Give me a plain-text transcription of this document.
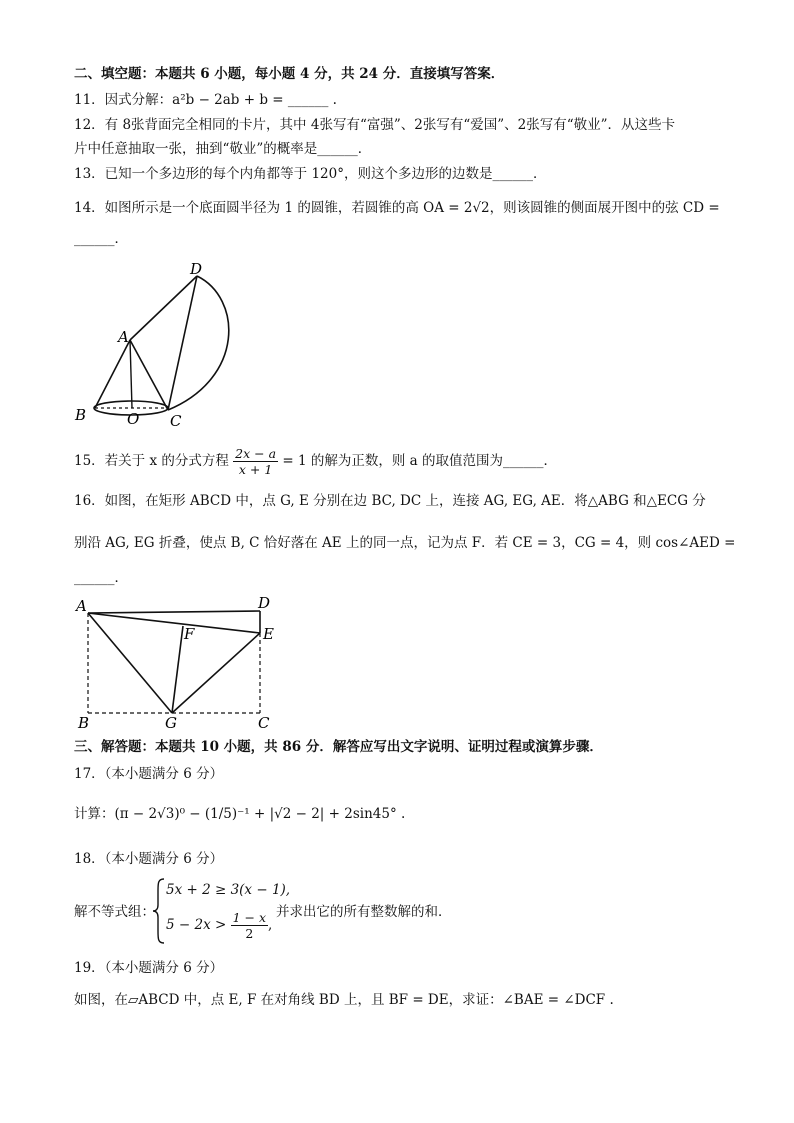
二、填空题：本题共 6 小题，每小题 4 分，共 24 分．直接填写答案．
11．因式分解：a²b − 2ab + b = ______ .
12．有 8张背面完全相同的卡片，其中 4张写有“富强”、2张写有“爱国”、2张写有“敬业”．从这些卡
片中任意抽取一张，抽到“敬业”的概率是______．
13．已知一个多边形的每个内角都等于 120°，则这个多边形的边数是______．
14．如图所示是一个底面圆半径为 1 的圆锥，若圆锥的高 OA = 2√2，则该圆锥的侧面展开图中的弦 CD =
______．
D
A
B	O C
15．若关于 x 的分式方程 $\frac{2x - a}{x + 1} = 1$ 的解为正数，则 a 的取值范围为______．
16．如图，在矩形 ABCD 中，点 G, E 分别在边 BC, DC 上，连接 AG, EG, AE．将△ABG 和△ECG 分
别沿 AG, EG 折叠，使点 B, C 恰好落在 AE 上的同一点，记为点 F．若 CE = 3，CG = 4，则 cos∠AED =
______．
A	D
F	E
B	G	C
三、解答题：本题共 10 小题，共 86 分．解答应写出文字说明、证明过程或演算步骤．
17．（本小题满分 6 分）
计算：(π − 2√3)⁰ − (1/5)⁻¹ + |√2 − 2| + 2sin45° .
18．（本小题满分 6 分）
解不等式组：
5x + 2 ≥ 3(x − 1),
$5 - 2x > \frac{1 - x}{2}$ ,
并求出它的所有整数解的和．
19．（本小题满分 6 分）
如图，在▱ABCD 中，点 E, F 在对角线 BD 上，且 BF = DE，求证：∠BAE = ∠DCF .
